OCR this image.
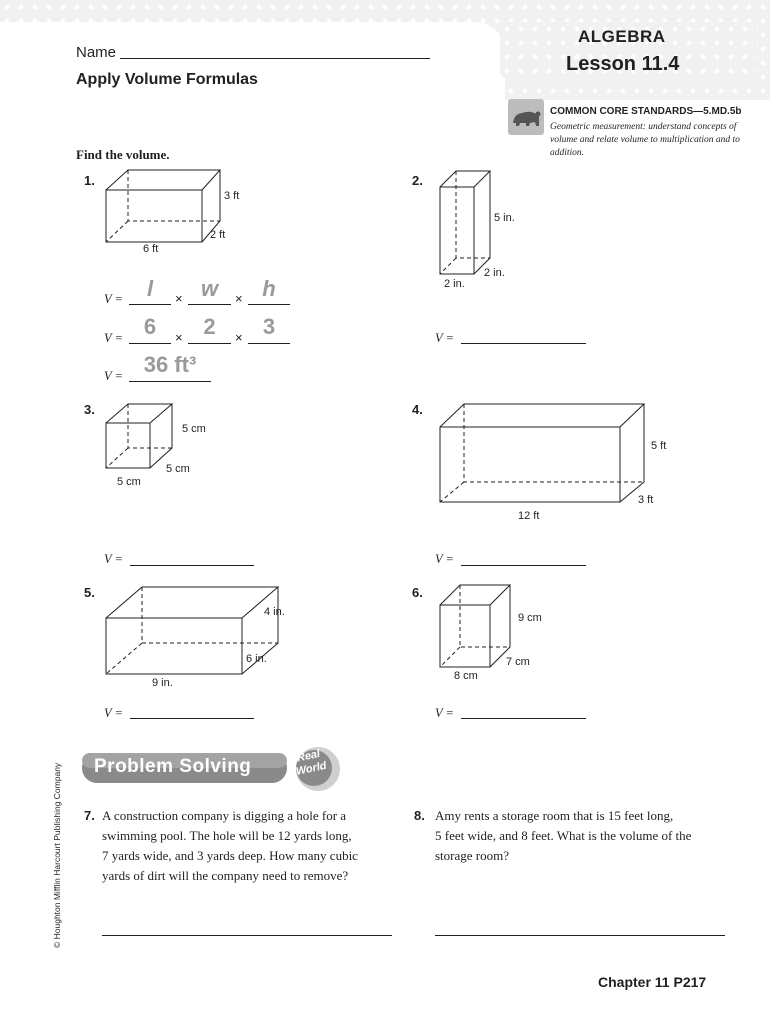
Name
Apply Volume Formulas
ALGEBRA
Lesson 11.4
COMMON CORE STANDARDS—5.MD.5b
Geometric measurement: understand concepts of volume and relate volume to multiplication and to addition.
Find the volume.
1.
3 ft
2 ft
6 ft
V =	l	× w	× h
V = 6	× 2	× 3
V = 36 ft³
2.
5 in.
2 in.
2 in.
V =
3.
5 cm
5 cm
5 cm
V =
4.
5 ft
3 ft
12 ft
V =
5.
4 in.
6 in.
9 in.
V =
6.
9 cm
7 cm
8 cm
V =
Problem Solving	Real
World
7. A construction company is digging a hole for a
swimming pool. The hole will be 12 yards long,
7 yards wide, and 3 yards deep. How many cubic
yards of dirt will the company need to remove?
8. Amy rents a storage room that is 15 feet long,
5 feet wide, and 8 feet. What is the volume of the
storage room?
© Houghton Mifflin Harcourt Publishing Company
Chapter 11 P217
